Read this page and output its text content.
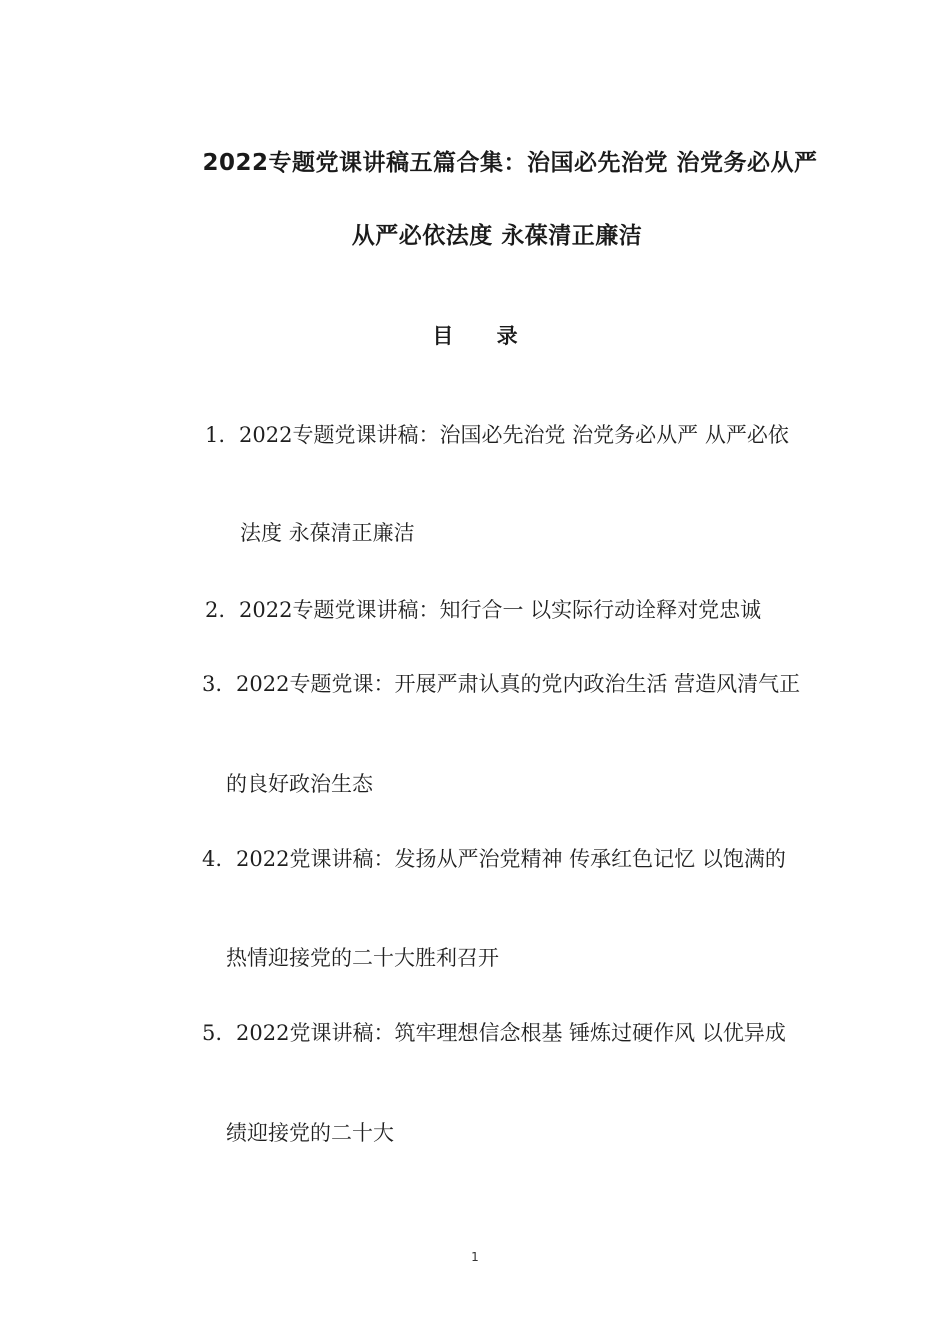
2022专题党课讲稿五篇合集：治国必先治党 治党务必从严
从严必依法度 永葆清正廉洁
目 录
1. 2022专题党课讲稿：治国必先治党 治党务必从严 从严必依
法度 永葆清正廉洁
2. 2022专题党课讲稿：知行合一 以实际行动诠释对党忠诚
3. 2022专题党课：开展严肃认真的党内政治生活 营造风清气正
的良好政治生态
4. 2022党课讲稿：发扬从严治党精神 传承红色记忆 以饱满的
热情迎接党的二十大胜利召开
5. 2022党课讲稿：筑牢理想信念根基 锤炼过硬作风 以优异成
绩迎接党的二十大
1
